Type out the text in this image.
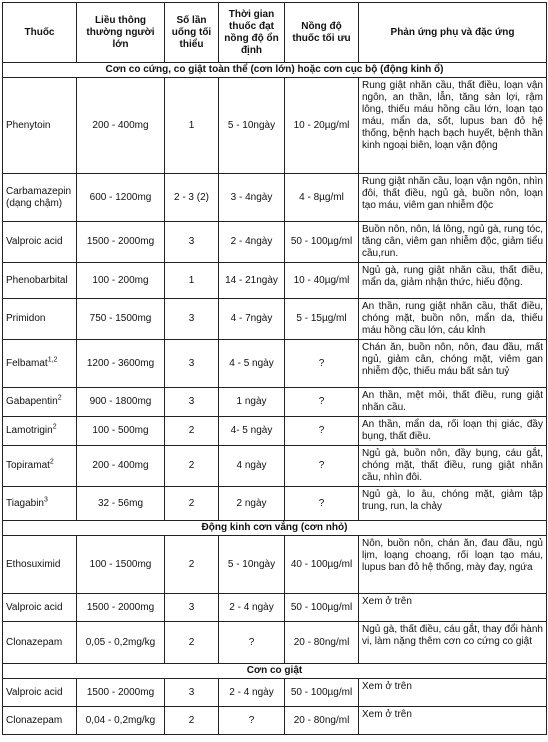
Thuốc	Liều thông thường người lớn	Số lần uống tối thiểu	Thời gian thuốc đạt nồng độ ổn định	Nồng độ thuốc tối ưu	Phản ứng phụ và đặc ứng
Cơn co cứng, co giật toàn thể (cơn lớn) hoặc cơn cục bộ (động kinh ổ)					
Phenytoin	200 - 400mg	1	5 - 10ngày	10 - 20µg/ml	Rung giật nhãn cầu, thất điều, loạn vận ngôn, an thần, lẫn, tăng sản lợi, rậm lông, thiếu máu hồng cầu lớn, loạn tạo máu, mẩn da, sốt, lupus ban đỏ hệ thống, bệnh hạch bạch huyết, bệnh thần kinh ngoại biên, loạn vận động
Carbamazepin (dạng chậm)	600 - 1200mg	2 - 3 (2)	3 - 4ngày	4 - 8µg/ml	Rung giật nhãn cầu, loạn vận ngôn, nhìn đôi, thất điều, ngủ gà, buồn nôn, loạn tạo máu, viêm gan nhiễm độc
Valproic acid	1500 - 2000mg	3	2 - 4ngày	50 - 100µg/ml	Buồn nôn, nôn, lá lông, ngủ gà, rung tóc, tăng cân, viêm gan nhiễm độc, giảm tiểu cầu,run.
Phenobarbital	100 - 200mg	1	14 - 21ngày	10 - 40µg/ml	Ngủ gà, rung giật nhãn cầu, thất điều, mẩn da, giảm nhận thức, hiếu động.
Primidon	750 - 1500mg	3	4 - 7ngày	5 - 15µg/ml	An thần, rung giật nhãn cầu, thất điều, chóng mặt, buồn nôn, mẩn da, thiếu máu hồng cầu lớn, cáu kỉnh
Felbamat$^{1,2}$	1200 - 3600mg	3	4 - 5 ngày	?	Chán ăn, buồn nôn, nôn, đau đầu, mất ngủ, giảm cân, chóng mặt, viêm gan nhiễm độc, thiếu máu bất sản tuỷ
Gabapentin$^2$	900 - 1800mg	3	1 ngày	?	An thần, mệt mỏi, thất điều, rung giật nhãn cầu.
Lamotrigin$^2$	100 - 500mg	2	4- 5 ngày	?	An thần, mẩn da, rối loạn thị giác, đầy bụng, thất điều.
Topiramat$^2$	200 - 400mg	2	4 ngày	?	Ngủ gà, buồn nôn, đầy bụng, cáu gắt, chóng mặt, thất điều, rung giật nhãn cầu, nhìn đôi.
Tiagabin$^3$	32 - 56mg	2	2 ngày	?	Ngủ gà, lo âu, chóng mặt, giảm tập trung, run, la chảy
Động kinh cơn vắng (cơn nhỏ)					
Ethosuximid	100 - 1500mg	2	5 - 10ngày	40 - 100µg/ml	Nôn, buồn nôn, chán ăn, đau đầu, ngủ lịm, loạng choạng, rối loạn tạo máu, lupus ban đỏ hệ thống, mày đay, ngứa
Valproic acid	1500 - 2000mg	3	2 - 4 ngày	50 - 100µg/ml	Xem ở trên
Clonazepam	0,05 - 0,2mg/kg	2	?	20 - 80ng/ml	Ngủ gà, thất điều, cáu gắt, thay đổi hành vi, làm nặng thêm cơn co cứng co giật
Cơn co giật					
Valproic acid	1500 - 2000mg	3	2 - 4 ngày	50 - 100µg/ml	Xem ở trên
Clonazepam	0,04 - 0,2mg/kg	2	?	20 - 80ng/ml	Xem ở trên
